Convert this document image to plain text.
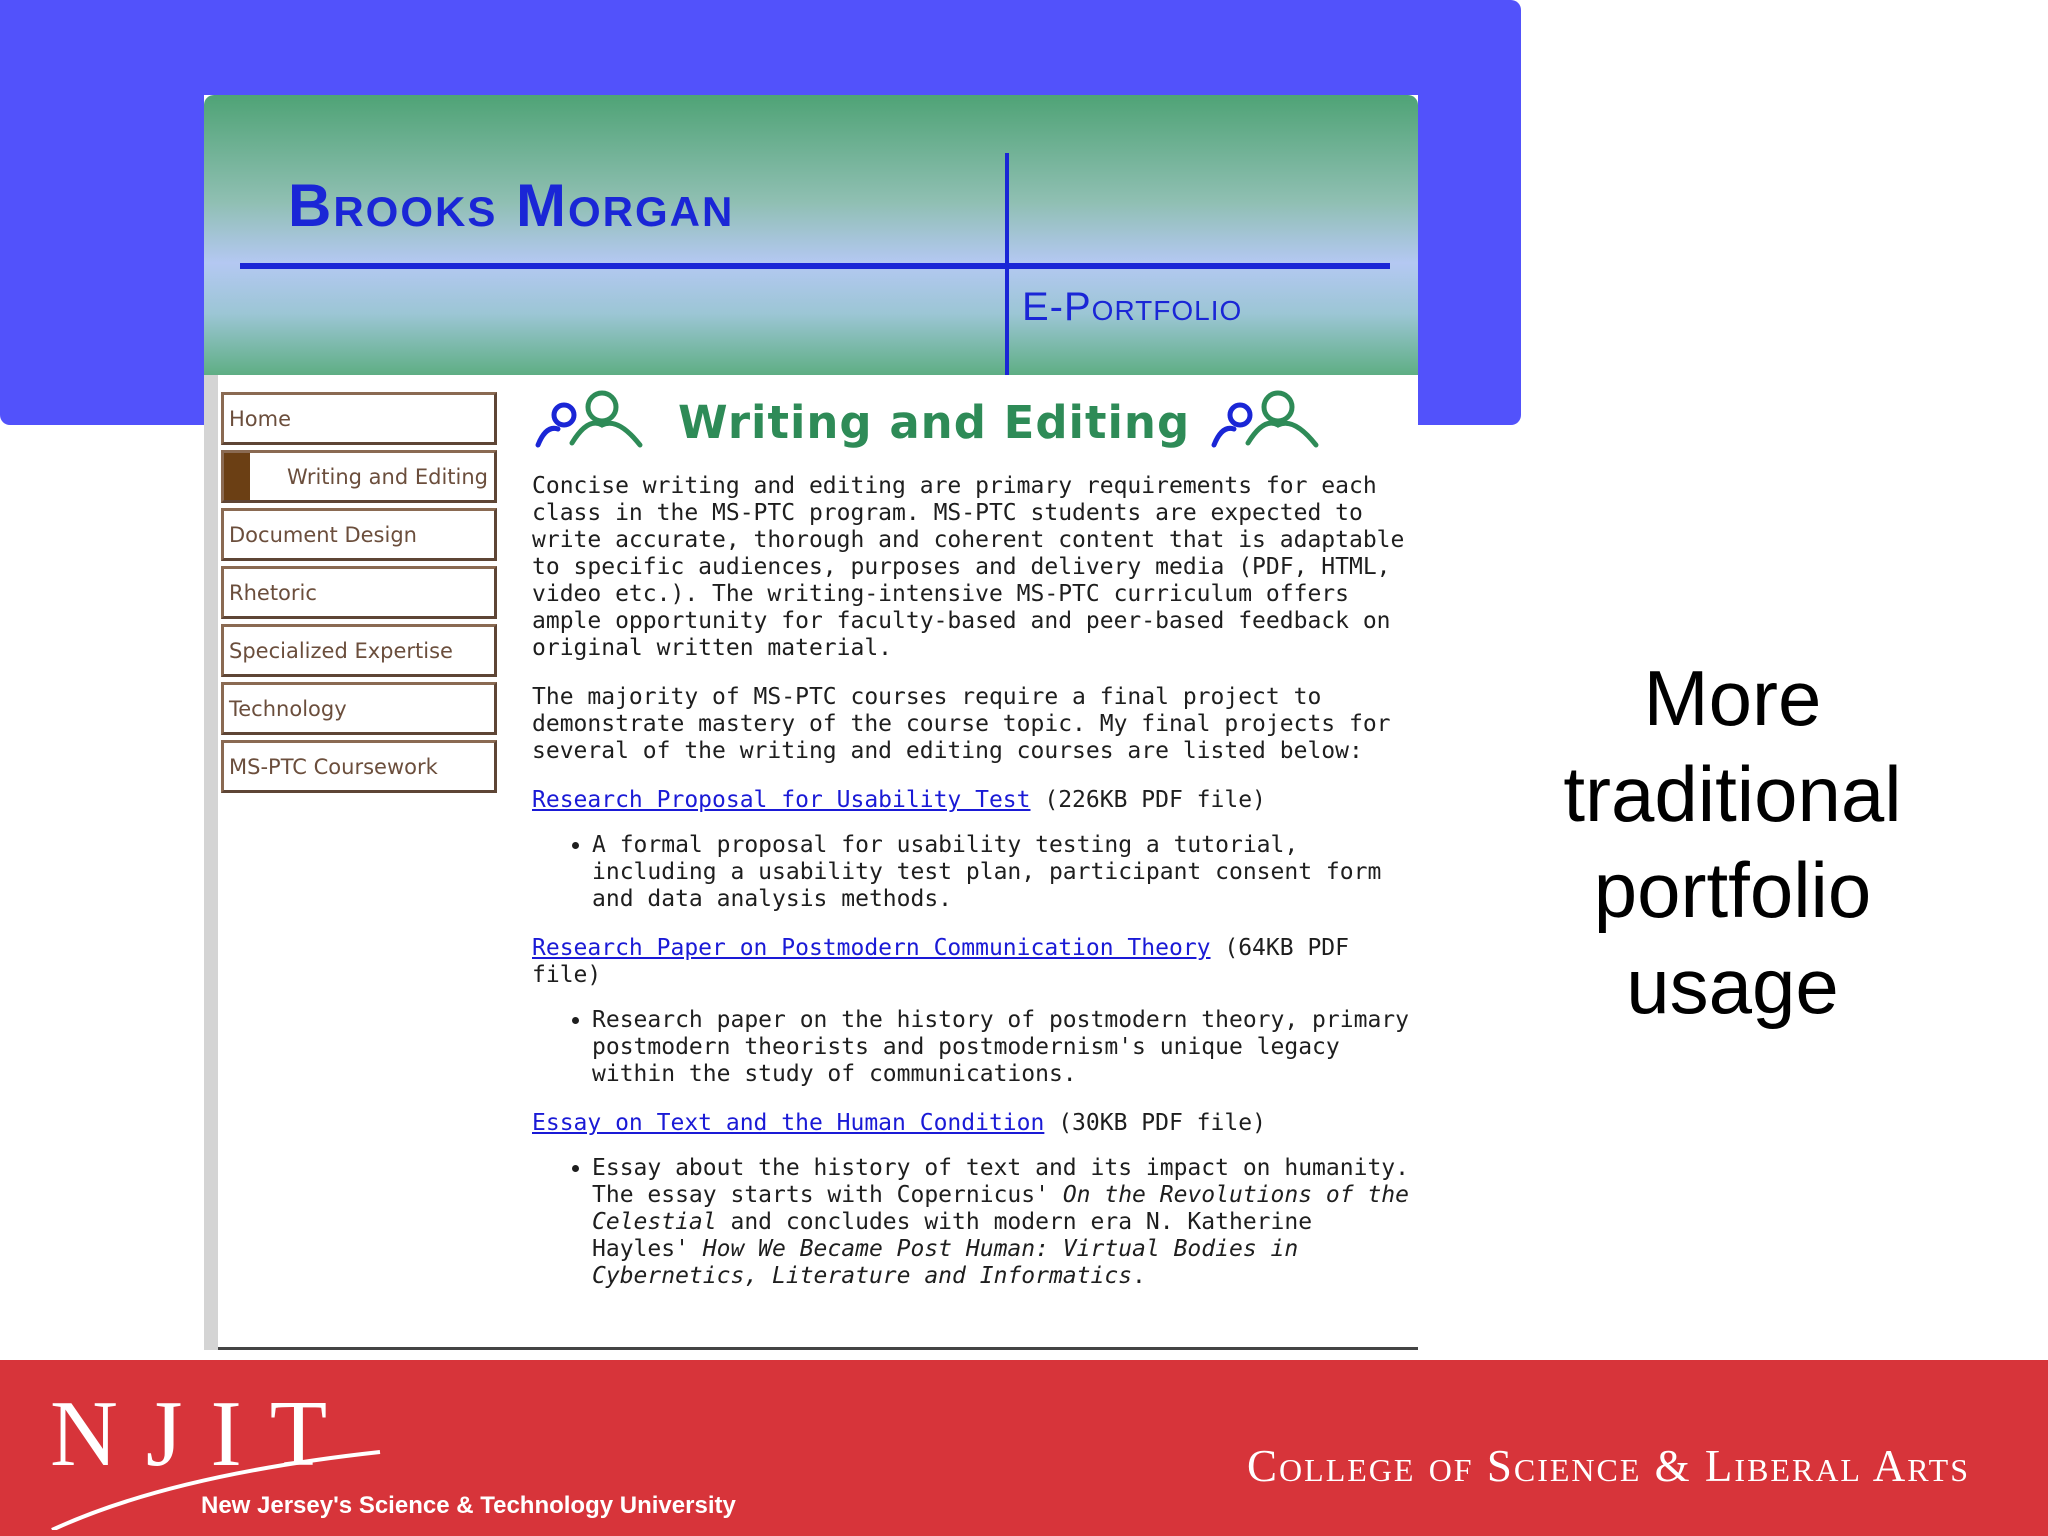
Brooks Morgan
E-Portfolio
Home
Writing and Editing
Document Design
Rhetoric
Specialized Expertise
Technology
MS-PTC Coursework
Writing and Editing

Concise writing and editing are primary requirements for each class in the MS-PTC program. MS-PTC students are expected to write accurate, thorough and coherent content that is adaptable to specific audiences, purposes and delivery media (PDF, HTML, video etc.). The writing-intensive MS-PTC curriculum offers ample opportunity for faculty-based and peer-based feedback on original written material.

The majority of MS-PTC courses require a final project to demonstrate mastery of the course topic. My final projects for several of the writing and editing courses are listed below:

Research Proposal for Usability Test (226KB PDF file)

• A formal proposal for usability testing a tutorial, including a usability test plan, participant consent form and data analysis methods.

Research Paper on Postmodern Communication Theory (64KB PDF file)

• Research paper on the history of postmodern theory, primary postmodern theorists and postmodernism's unique legacy within the study of communications.

Essay on Text and the Human Condition (30KB PDF file)

• Essay about the history of text and its impact on humanity. The essay starts with Copernicus' On the Revolutions of the Celestial and concludes with modern era N. Katherine Hayles' How We Became Post Human: Virtual Bodies in Cybernetics, Literature and Informatics.
More
traditional
portfolio
usage
NJIT
New Jersey's Science & Technology University
College of Science & Liberal Arts
